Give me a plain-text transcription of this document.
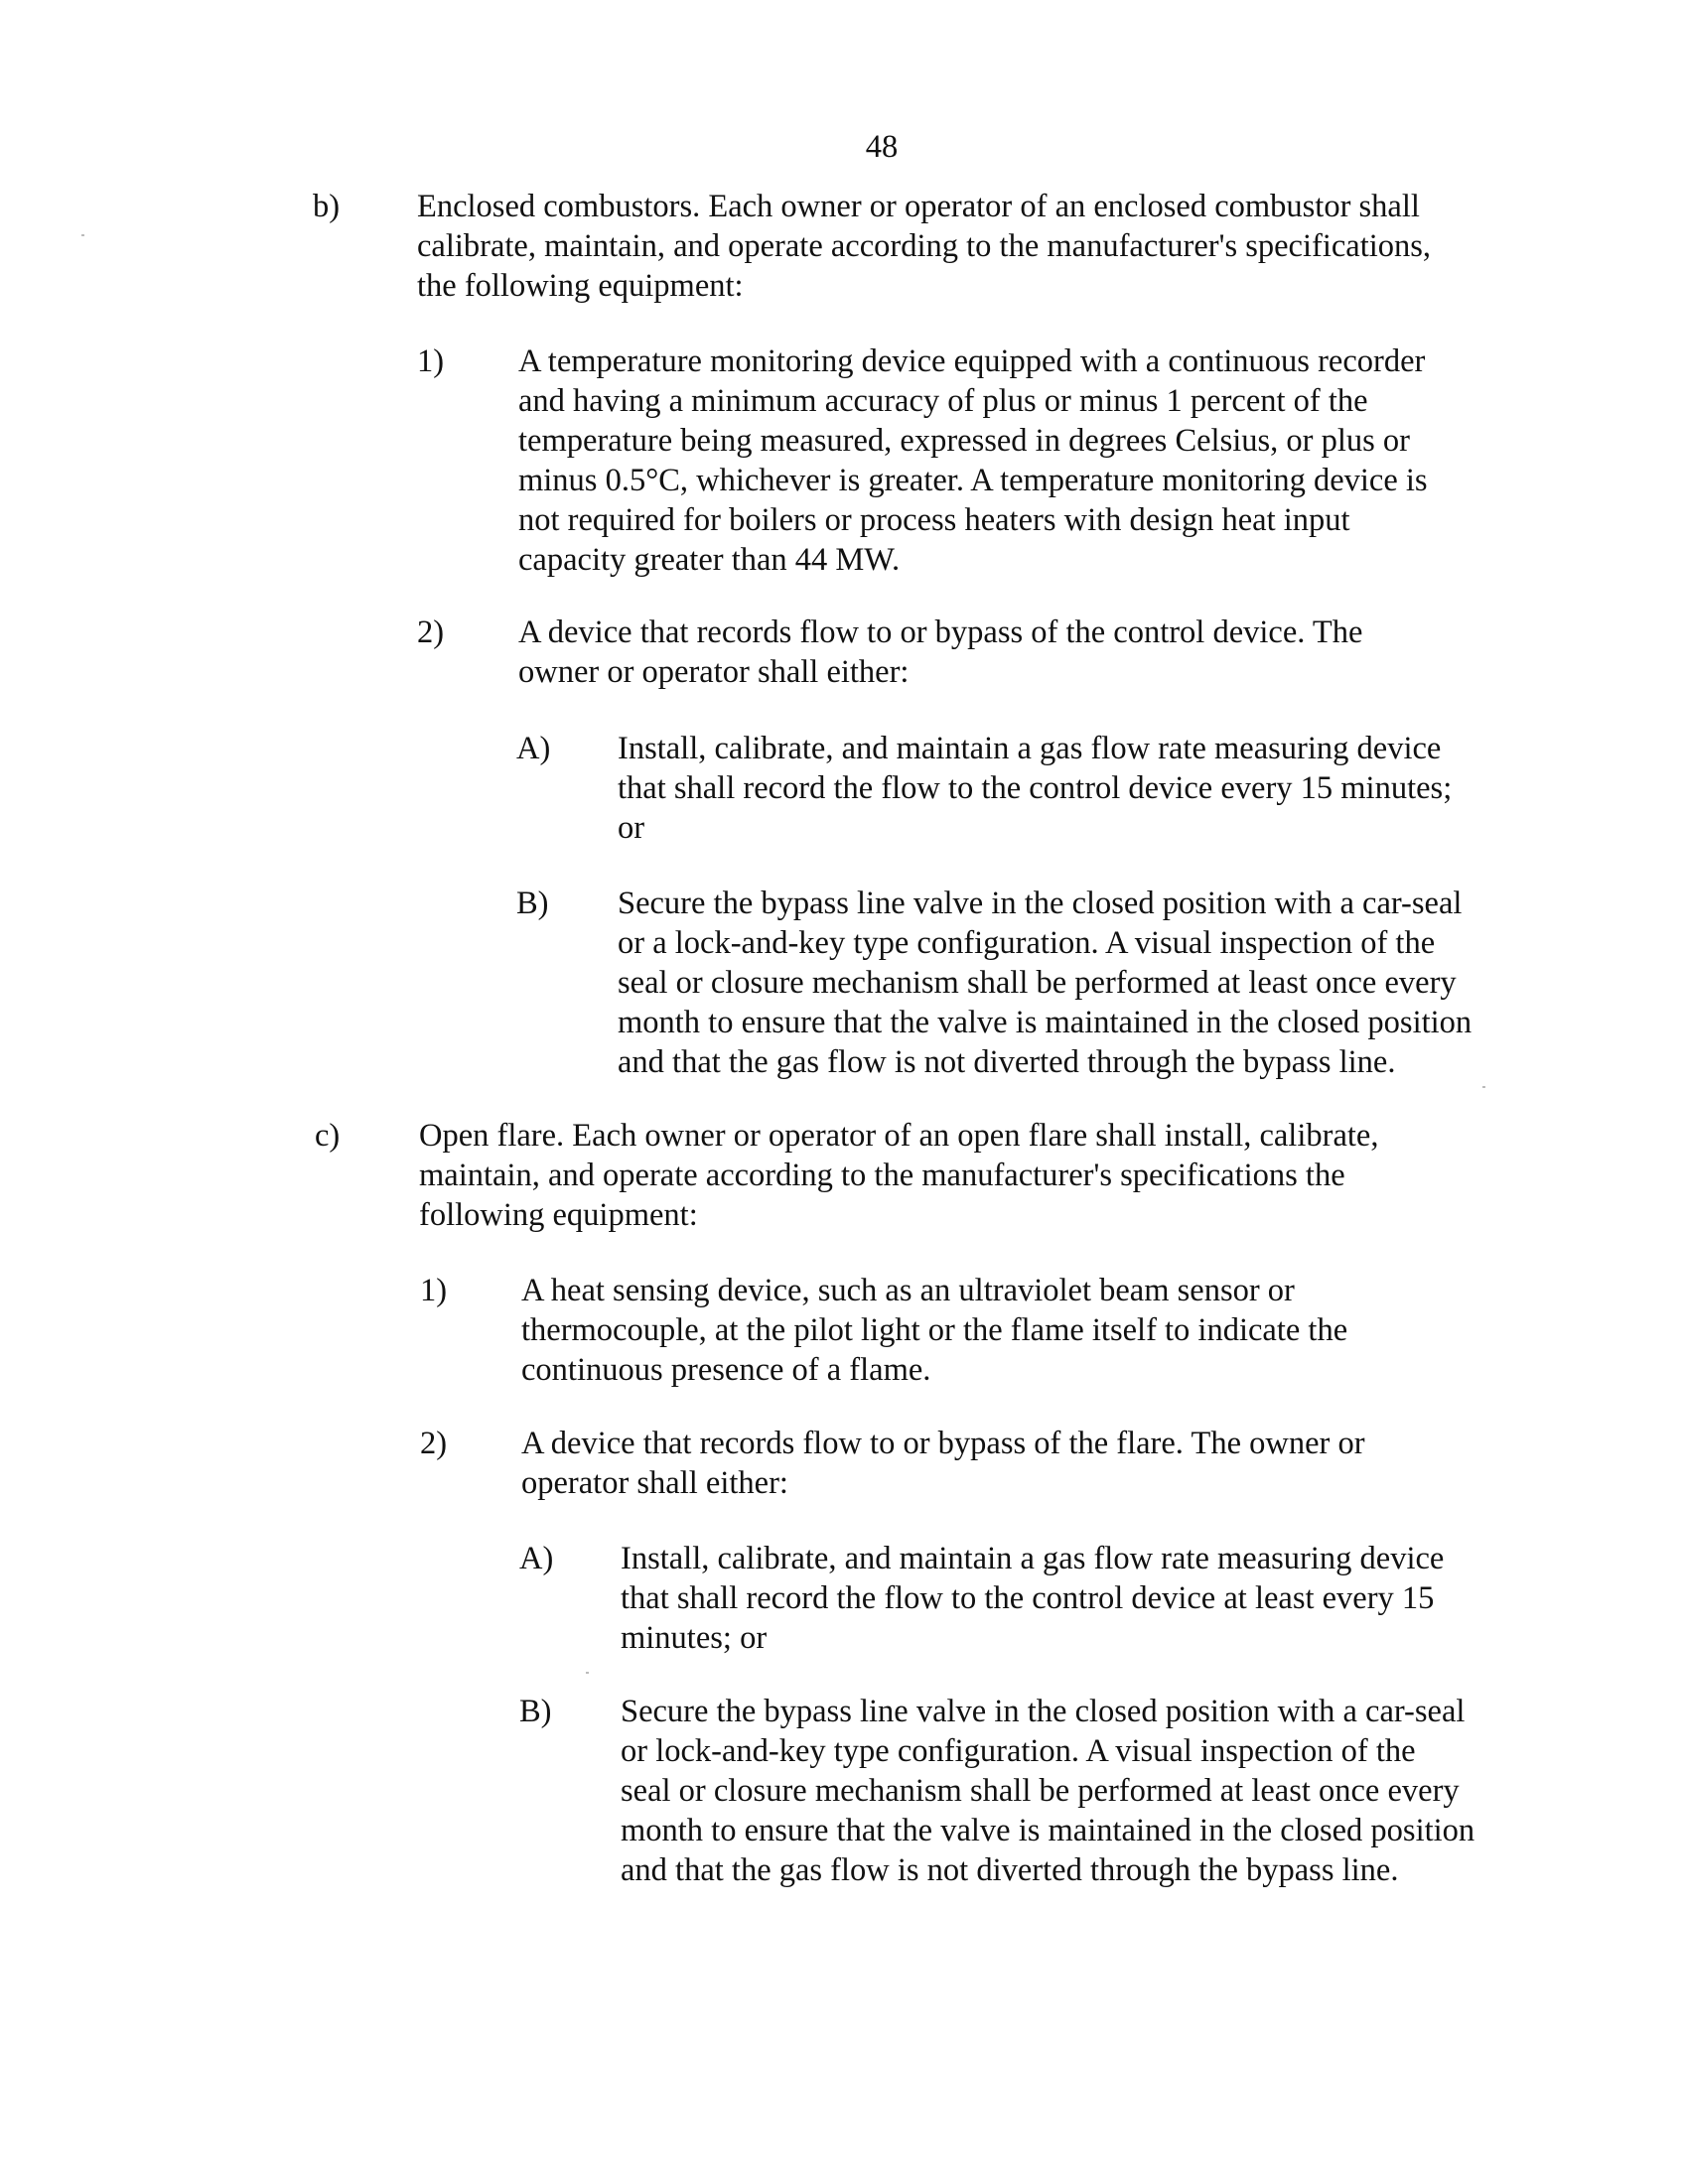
48
b) Enclosed combustors. Each owner or operator of an enclosed combustor shall
calibrate, maintain, and operate according to the manufacturer's specifications,
the following equipment:
1) A temperature monitoring device equipped with a continuous recorder
and having a minimum accuracy of plus or minus 1 percent of the
temperature being measured, expressed in degrees Celsius, or plus or
minus 0.5°C, whichever is greater. A temperature monitoring device is
not required for boilers or process heaters with design heat input
capacity greater than 44 MW.
2) A device that records flow to or bypass of the control device. The
owner or operator shall either:
A) Install, calibrate, and maintain a gas flow rate measuring device
that shall record the flow to the control device every 15 minutes;
or
B) Secure the bypass line valve in the closed position with a car-seal
or a lock-and-key type configuration. A visual inspection of the
seal or closure mechanism shall be performed at least once every
month to ensure that the valve is maintained in the closed position
and that the gas flow is not diverted through the bypass line.
c) Open flare. Each owner or operator of an open flare shall install, calibrate,
maintain, and operate according to the manufacturer's specifications the
following equipment:
1) A heat sensing device, such as an ultraviolet beam sensor or
thermocouple, at the pilot light or the flame itself to indicate the
continuous presence of a flame.
2) A device that records flow to or bypass of the flare. The owner or
operator shall either:
A) Install, calibrate, and maintain a gas flow rate measuring device
that shall record the flow to the control device at least every 15
minutes; or
B) Secure the bypass line valve in the closed position with a car-seal
or lock-and-key type configuration. A visual inspection of the
seal or closure mechanism shall be performed at least once every
month to ensure that the valve is maintained in the closed position
and that the gas flow is not diverted through the bypass line.
